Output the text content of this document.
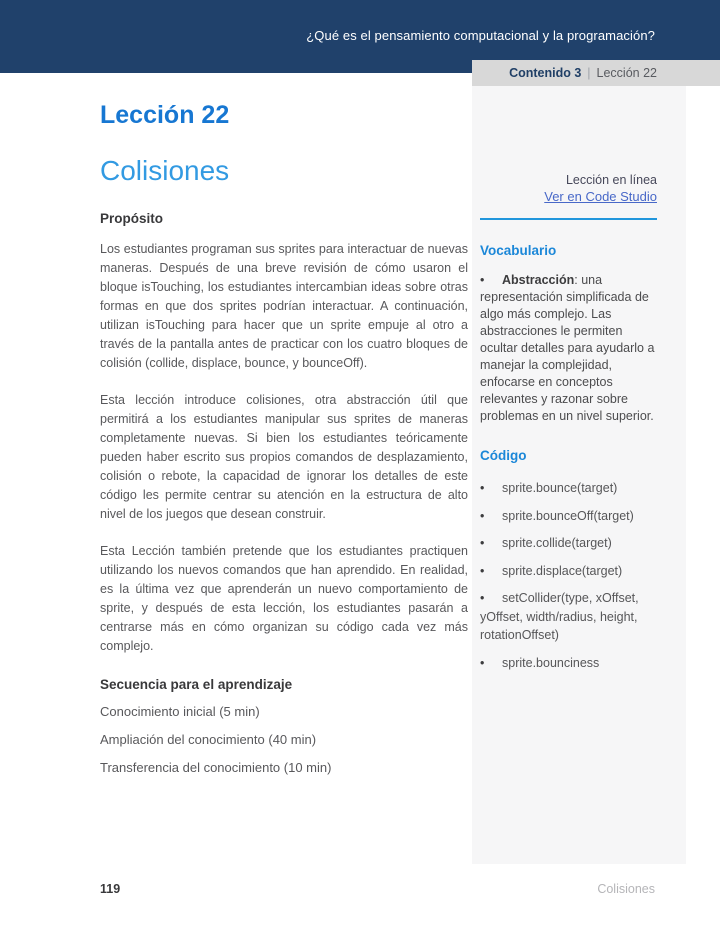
¿Qué es el pensamiento computacional y la programación?
Contenido 3 | Lección 22
Lección en línea
Ver en Code Studio
Vocabulario
• Abstracción: una representación simplificada de algo más complejo. Las abstracciones le permiten ocultar detalles para ayudarlo a manejar la complejidad, enfocarse en conceptos relevantes y razonar sobre problemas en un nivel superior.
Código
• sprite.bounce(target)
• sprite.bounceOff(target)
• sprite.collide(target)
• sprite.displace(target)
• setCollider(type, xOffset, yOffset, width/radius, height, rotationOffset)
• sprite.bounciness
Lección 22
Colisiones
Propósito

Los estudiantes programan sus sprites para interactuar de nuevas maneras. Después de una breve revisión de cómo usaron el bloque isTouching, los estudiantes intercambian ideas sobre otras formas en que dos sprites podrían interactuar. A continuación, utilizan isTouching para hacer que un sprite empuje al otro a través de la pantalla antes de practicar con los cuatro bloques de colisión (collide, displace, bounce, y bounceOff).

Esta lección introduce colisiones, otra abstracción útil que permitirá a los estudiantes manipular sus sprites de maneras completamente nuevas. Si bien los estudiantes teóricamente pueden haber escrito sus propios comandos de desplazamiento, colisión o rebote, la capacidad de ignorar los detalles de este código les permite centrar su atención en la estructura de alto nivel de los juegos que desean construir.

Esta Lección también pretende que los estudiantes practiquen utilizando los nuevos comandos que han aprendido. En realidad, es la última vez que aprenderán un nuevo comportamiento de sprite, y después de esta lección, los estudiantes pasarán a centrarse más en cómo organizan su código cada vez más complejo.

Secuencia para el aprendizaje
Conocimiento inicial (5 min)
Ampliación del conocimiento (40 min)
Transferencia del conocimiento (10 min)
119	Colisiones
